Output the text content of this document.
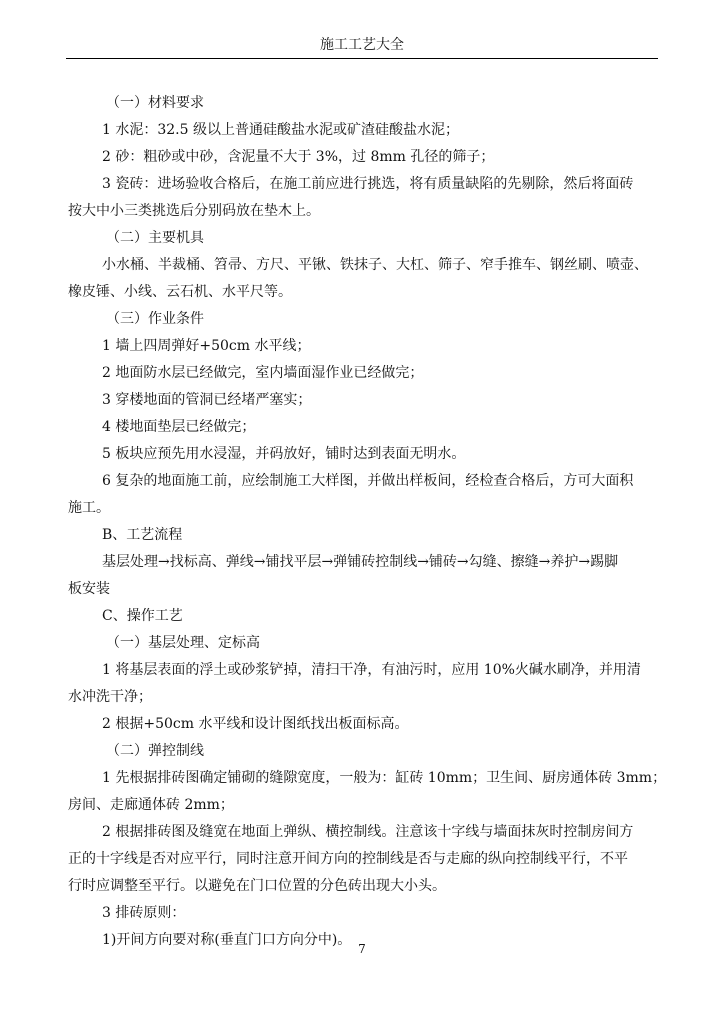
施工工艺大全
（一）材料要求
1 水泥：32.5 级以上普通硅酸盐水泥或矿渣硅酸盐水泥；
2 砂：粗砂或中砂，含泥量不大于 3%，过 8mm 孔径的筛子；
3 瓷砖：进场验收合格后，在施工前应进行挑选，将有质量缺陷的先剔除，然后将面砖
按大中小三类挑选后分别码放在垫木上。
（二）主要机具
小水桶、半裁桶、笤帚、方尺、平锹、铁抹子、大杠、筛子、窄手推车、钢丝刷、喷壶、
橡皮锤、小线、云石机、水平尺等。
（三）作业条件
1 墙上四周弹好+50cm 水平线；
2 地面防水层已经做完，室内墙面湿作业已经做完；
3 穿楼地面的管洞已经堵严塞实；
4 楼地面垫层已经做完；
5 板块应预先用水浸湿，并码放好，铺时达到表面无明水。
6 复杂的地面施工前，应绘制施工大样图，并做出样板间，经检查合格后，方可大面积
施工。
B、工艺流程
基层处理→找标高、弹线→铺找平层→弹铺砖控制线→铺砖→勾缝、擦缝→养护→踢脚
板安装
C、操作工艺
（一）基层处理、定标高
1 将基层表面的浮土或砂浆铲掉，清扫干净，有油污时，应用 10%火碱水刷净，并用清
水冲洗干净；
2 根据+50cm 水平线和设计图纸找出板面标高。
（二）弹控制线
1 先根据排砖图确定铺砌的缝隙宽度，一般为：缸砖 10mm；卫生间、厨房通体砖 3mm；
房间、走廊通体砖 2mm；
2 根据排砖图及缝宽在地面上弹纵、横控制线。注意该十字线与墙面抹灰时控制房间方
正的十字线是否对应平行，同时注意开间方向的控制线是否与走廊的纵向控制线平行，不平
行时应调整至平行。以避免在门口位置的分色砖出现大小头。
3 排砖原则：
1)开间方向要对称(垂直门口方向分中)。
7
